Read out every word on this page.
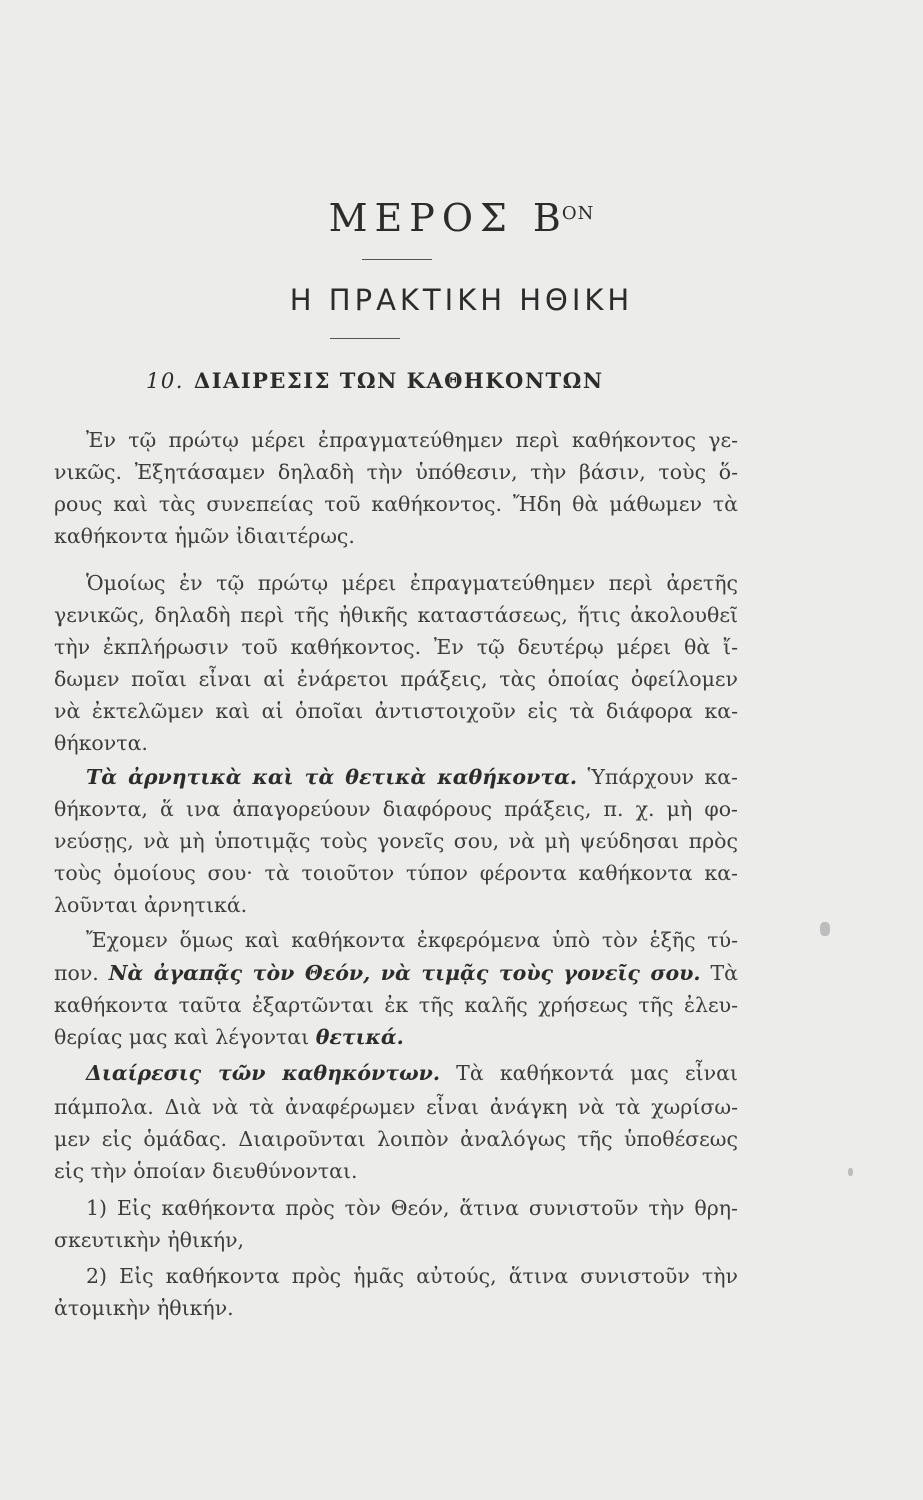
ΜΕΡΟΣ $B^{ON}$
Η ΠΡΑΚΤΙΚΗ ΗΘΙΚΗ
10. ΔΙΑΙΡΕΣΙΣ ΤΩΝ ΚΑΘΗΚΟΝΤΩΝ
Ἐν τῷ πρώτῳ μέρει ἐπραγματεύθημεν περὶ καθήκοντος γε-
νικῶς. Ἐξητάσαμεν δηλαδὴ τὴν ὑπόθεσιν, τὴν βάσιν, τοὺς ὅ-
ρους καὶ τὰς συνεπείας τοῦ καθήκοντος. Ἤδη θὰ μάθωμεν τὰ
καθήκοντα ἡμῶν ἰδιαιτέρως.
Ὁμοίως ἐν τῷ πρώτῳ μέρει ἐπραγματεύθημεν περὶ ἀρετῆς
γενικῶς, δηλαδὴ περὶ τῆς ἠθικῆς καταστάσεως, ἥτις ἀκολουθεῖ
τὴν ἐκπλήρωσιν τοῦ καθήκοντος. Ἐν τῷ δευτέρῳ μέρει θὰ ἴ-
δωμεν ποῖαι εἶναι αἱ ἐνάρετοι πράξεις, τὰς ὁποίας ὀφείλομεν
νὰ ἐκτελῶμεν καὶ αἱ ὁποῖαι ἀντιστοιχοῦν εἰς τὰ διάφορα κα-
θήκοντα.
Τὰ ἀρνητικὰ καὶ τὰ θετικὰ καθήκοντα. Ὑπάρχουν κα-
θήκοντα, ἅ ινα ἀπαγορεύουν διαφόρους πράξεις, π. χ. μὴ φο-
νεύσῃς, νὰ μὴ ὑποτιμᾷς τοὺς γονεῖς σου, νὰ μὴ ψεύδησαι πρὸς
τοὺς ὁμοίους σου· τὰ τοιοῦτον τύπον φέροντα καθήκοντα κα-
λοῦνται ἀρνητικά.
Ἔχομεν ὅμως καὶ καθήκοντα ἐκφερόμενα ὑπὸ τὸν ἑξῆς τύ-
πον. Νὰ ἀγαπᾷς τὸν Θεόν, νὰ τιμᾷς τοὺς γονεῖς σου. Τὰ
καθήκοντα ταῦτα ἐξαρτῶνται ἐκ τῆς καλῆς χρήσεως τῆς ἐλευ-
θερίας μας καὶ λέγονται θετικά.
Διαίρεσις τῶν καθηκόντων. Τὰ καθήκοντά μας εἶναι
πάμπολα. Διὰ νὰ τὰ ἀναφέρωμεν εἶναι ἀνάγκη νὰ τὰ χωρίσω-
μεν εἰς ὁμάδας. Διαιροῦνται λοιπὸν ἀναλόγως τῆς ὑποθέσεως
εἰς τὴν ὁποίαν διευθύνονται.
1) Εἰς καθήκοντα πρὸς τὸν Θεόν, ἅτινα συνιστοῦν τὴν θρη-
σκευτικὴν ἠθικήν,
2) Εἰς καθήκοντα πρὸς ἡμᾶς αὐτούς, ἅτινα συνιστοῦν τὴν
ἀτομικὴν ἠθικήν.
